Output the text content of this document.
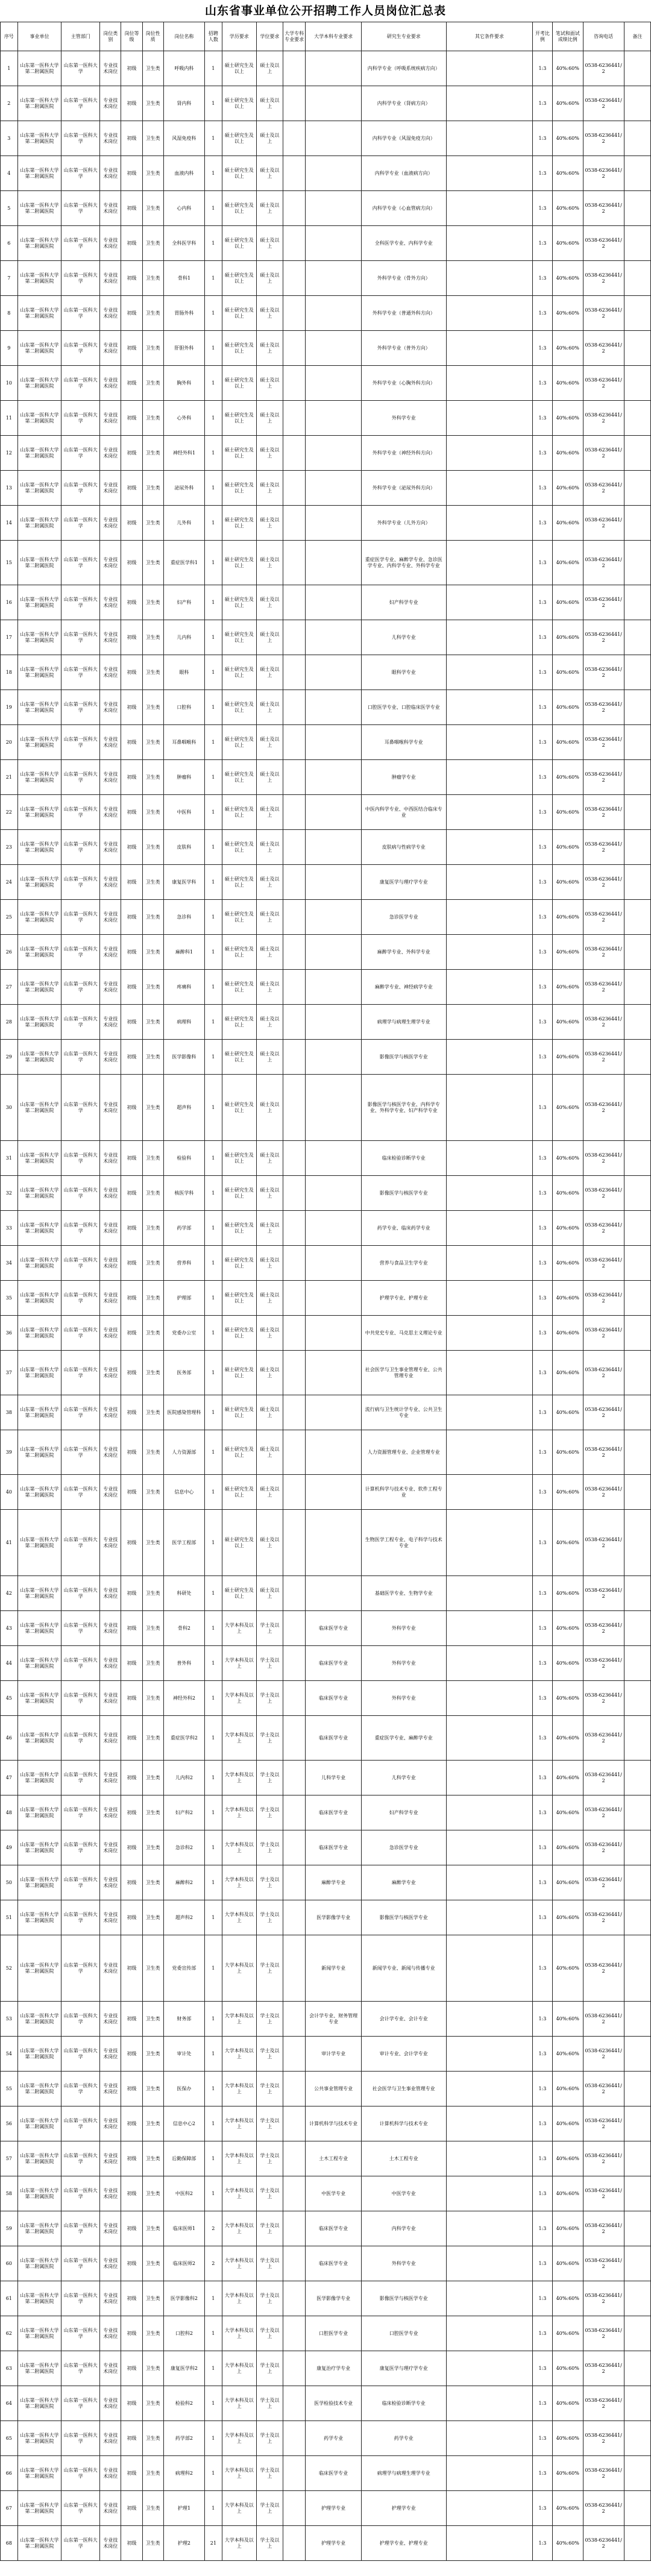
山东省事业单位公开招聘工作人员岗位汇总表
序号	事业单位	主管部门	岗位类别	岗位等级	岗位性质	岗位名称	招聘人数	学历要求	学位要求	大学专科专业要求	大学本科专业要求	研究生专业要求	其它条件要求	开考比例	笔试和面试成绩比例	咨询电话	备注
1	山东第一医科大学第二附属医院	山东第一医科大学	专业技术岗位	初级	卫生类	呼吸内科	1	硕士研究生及以上	硕士及以上			内科学专业（呼吸系统疾病方向）		1:3	40%:60%	0538-6236441/2	
2	山东第一医科大学第二附属医院	山东第一医科大学	专业技术岗位	初级	卫生类	肾内科	1	硕士研究生及以上	硕士及以上			内科学专业（肾病方向）		1:3	40%:60%	0538-6236441/2	
3	山东第一医科大学第二附属医院	山东第一医科大学	专业技术岗位	初级	卫生类	风湿免疫科	1	硕士研究生及以上	硕士及以上			内科学专业（风湿免疫方向）		1:3	40%:60%	0538-6236441/2	
4	山东第一医科大学第二附属医院	山东第一医科大学	专业技术岗位	初级	卫生类	血液内科	1	硕士研究生及以上	硕士及以上			内科学专业（血液病方向）		1:3	40%:60%	0538-6236441/2	
5	山东第一医科大学第二附属医院	山东第一医科大学	专业技术岗位	初级	卫生类	心内科	1	硕士研究生及以上	硕士及以上			内科学专业（心血管病方向）		1:3	40%:60%	0538-6236441/2	
6	山东第一医科大学第二附属医院	山东第一医科大学	专业技术岗位	初级	卫生类	全科医学科	1	硕士研究生及以上	硕士及以上			全科医学专业、内科学专业		1:3	40%:60%	0538-6236441/2	
7	山东第一医科大学第二附属医院	山东第一医科大学	专业技术岗位	初级	卫生类	骨科1	1	硕士研究生及以上	硕士及以上			外科学专业（骨外方向）		1:3	40%:60%	0538-6236441/2	
8	山东第一医科大学第二附属医院	山东第一医科大学	专业技术岗位	初级	卫生类	胃肠外科	1	硕士研究生及以上	硕士及以上			外科学专业（普通外科方向）		1:3	40%:60%	0538-6236441/2	
9	山东第一医科大学第二附属医院	山东第一医科大学	专业技术岗位	初级	卫生类	肝胆外科	1	硕士研究生及以上	硕士及以上			外科学专业（普外方向）		1:3	40%:60%	0538-6236441/2	
10	山东第一医科大学第二附属医院	山东第一医科大学	专业技术岗位	初级	卫生类	胸外科	1	硕士研究生及以上	硕士及以上			外科学专业（心胸外科方向）		1:3	40%:60%	0538-6236441/2	
11	山东第一医科大学第二附属医院	山东第一医科大学	专业技术岗位	初级	卫生类	心外科	1	硕士研究生及以上	硕士及以上			外科学专业		1:3	40%:60%	0538-6236441/2	
12	山东第一医科大学第二附属医院	山东第一医科大学	专业技术岗位	初级	卫生类	神经外科1	1	硕士研究生及以上	硕士及以上			外科学专业（神经外科方向）		1:3	40%:60%	0538-6236441/2	
13	山东第一医科大学第二附属医院	山东第一医科大学	专业技术岗位	初级	卫生类	泌尿外科	1	硕士研究生及以上	硕士及以上			外科学专业（泌尿外科方向）		1:3	40%:60%	0538-6236441/2	
14	山东第一医科大学第二附属医院	山东第一医科大学	专业技术岗位	初级	卫生类	儿外科	1	硕士研究生及以上	硕士及以上			外科学专业（儿外方向）		1:3	40%:60%	0538-6236441/2	
15	山东第一医科大学第二附属医院	山东第一医科大学	专业技术岗位	初级	卫生类	重症医学科1	1	硕士研究生及以上	硕士及以上			重症医学专业、麻醉学专业、急诊医学专业、内科学专业、外科学专业		1:3	40%:60%	0538-6236441/2	
16	山东第一医科大学第二附属医院	山东第一医科大学	专业技术岗位	初级	卫生类	妇产科	1	硕士研究生及以上	硕士及以上			妇产科学专业		1:3	40%:60%	0538-6236441/2	
17	山东第一医科大学第二附属医院	山东第一医科大学	专业技术岗位	初级	卫生类	儿内科	1	硕士研究生及以上	硕士及以上			儿科学专业		1:3	40%:60%	0538-6236441/2	
18	山东第一医科大学第二附属医院	山东第一医科大学	专业技术岗位	初级	卫生类	眼科	1	硕士研究生及以上	硕士及以上			眼科学专业		1:3	40%:60%	0538-6236441/2	
19	山东第一医科大学第二附属医院	山东第一医科大学	专业技术岗位	初级	卫生类	口腔科	1	硕士研究生及以上	硕士及以上			口腔医学专业、口腔临床医学专业		1:3	40%:60%	0538-6236441/2	
20	山东第一医科大学第二附属医院	山东第一医科大学	专业技术岗位	初级	卫生类	耳鼻咽喉科	1	硕士研究生及以上	硕士及以上			耳鼻咽喉科学专业		1:3	40%:60%	0538-6236441/2	
21	山东第一医科大学第二附属医院	山东第一医科大学	专业技术岗位	初级	卫生类	肿瘤科	1	硕士研究生及以上	硕士及以上			肿瘤学专业		1:3	40%:60%	0538-6236441/2	
22	山东第一医科大学第二附属医院	山东第一医科大学	专业技术岗位	初级	卫生类	中医科	1	硕士研究生及以上	硕士及以上			中医内科学专业、中西医结合临床专业		1:3	40%:60%	0538-6236441/2	
23	山东第一医科大学第二附属医院	山东第一医科大学	专业技术岗位	初级	卫生类	皮肤科	1	硕士研究生及以上	硕士及以上			皮肤病与性病学专业		1:3	40%:60%	0538-6236441/2	
24	山东第一医科大学第二附属医院	山东第一医科大学	专业技术岗位	初级	卫生类	康复医学科	1	硕士研究生及以上	硕士及以上			康复医学与理疗学专业		1:3	40%:60%	0538-6236441/2	
25	山东第一医科大学第二附属医院	山东第一医科大学	专业技术岗位	初级	卫生类	急诊科	1	硕士研究生及以上	硕士及以上			急诊医学专业		1:3	40%:60%	0538-6236441/2	
26	山东第一医科大学第二附属医院	山东第一医科大学	专业技术岗位	初级	卫生类	麻醉科1	1	硕士研究生及以上	硕士及以上			麻醉学专业、外科学专业		1:3	40%:60%	0538-6236441/2	
27	山东第一医科大学第二附属医院	山东第一医科大学	专业技术岗位	初级	卫生类	疼痛科	1	硕士研究生及以上	硕士及以上			麻醉学专业、神经病学专业		1:3	40%:60%	0538-6236441/2	
28	山东第一医科大学第二附属医院	山东第一医科大学	专业技术岗位	初级	卫生类	病理科	1	硕士研究生及以上	硕士及以上			病理学与病理生理学专业		1:3	40%:60%	0538-6236441/2	
29	山东第一医科大学第二附属医院	山东第一医科大学	专业技术岗位	初级	卫生类	医学影像科	1	硕士研究生及以上	硕士及以上			影像医学与核医学专业		1:3	40%:60%	0538-6236441/2	
30	山东第一医科大学第二附属医院	山东第一医科大学	专业技术岗位	初级	卫生类	超声科	1	硕士研究生及以上	硕士及以上			影像医学与核医学专业、内科学专业、外科学专业、妇产科学专业		1:3	40%:60%	0538-6236441/2	
31	山东第一医科大学第二附属医院	山东第一医科大学	专业技术岗位	初级	卫生类	检验科	1	硕士研究生及以上	硕士及以上			临床检验诊断学专业		1:3	40%:60%	0538-6236441/2	
32	山东第一医科大学第二附属医院	山东第一医科大学	专业技术岗位	初级	卫生类	核医学科	1	硕士研究生及以上	硕士及以上			影像医学与核医学专业		1:3	40%:60%	0538-6236441/2	
33	山东第一医科大学第二附属医院	山东第一医科大学	专业技术岗位	初级	卫生类	药学部	1	硕士研究生及以上	硕士及以上			药学专业、临床药学专业		1:3	40%:60%	0538-6236441/2	
34	山东第一医科大学第二附属医院	山东第一医科大学	专业技术岗位	初级	卫生类	营养科	1	硕士研究生及以上	硕士及以上			营养与食品卫生学专业		1:3	40%:60%	0538-6236441/2	
35	山东第一医科大学第二附属医院	山东第一医科大学	专业技术岗位	初级	卫生类	护理部	1	硕士研究生及以上	硕士及以上			护理学专业、护理专业		1:3	40%:60%	0538-6236441/2	
36	山东第一医科大学第二附属医院	山东第一医科大学	专业技术岗位	初级	卫生类	党委办公室	1	硕士研究生及以上	硕士及以上			中共党史专业、马克思主义理论专业		1:3	40%:60%	0538-6236441/2	
37	山东第一医科大学第二附属医院	山东第一医科大学	专业技术岗位	初级	卫生类	医务部	1	硕士研究生及以上	硕士及以上			社会医学与卫生事业管理专业、公共管理专业		1:3	40%:60%	0538-6236441/2	
38	山东第一医科大学第二附属医院	山东第一医科大学	专业技术岗位	初级	卫生类	医院感染管理科	1	硕士研究生及以上	硕士及以上			流行病与卫生统计学专业、公共卫生专业		1:3	40%:60%	0538-6236441/2	
39	山东第一医科大学第二附属医院	山东第一医科大学	专业技术岗位	初级	卫生类	人力资源部	1	硕士研究生及以上	硕士及以上			人力资源管理专业、企业管理专业		1:3	40%:60%	0538-6236441/2	
40	山东第一医科大学第二附属医院	山东第一医科大学	专业技术岗位	初级	卫生类	信息中心	1	硕士研究生及以上	硕士及以上			计算机科学与技术专业、软件工程专业		1:3	40%:60%	0538-6236441/2	
41	山东第一医科大学第二附属医院	山东第一医科大学	专业技术岗位	初级	卫生类	医学工程部	1	硕士研究生及以上	硕士及以上			生物医学工程专业、电子科学与技术专业		1:3	40%:60%	0538-6236441/2	
42	山东第一医科大学第二附属医院	山东第一医科大学	专业技术岗位	初级	卫生类	科研处	1	硕士研究生及以上	硕士及以上			基础医学专业、生物学专业		1:3	40%:60%	0538-6236441/2	
43	山东第一医科大学第二附属医院	山东第一医科大学	专业技术岗位	初级	卫生类	骨科2	1	大学本科及以上	学士及以上		临床医学专业	外科学专业		1:3	40%:60%	0538-6236441/2	
44	山东第一医科大学第二附属医院	山东第一医科大学	专业技术岗位	初级	卫生类	普外科	1	大学本科及以上	学士及以上		临床医学专业	外科学专业		1:3	40%:60%	0538-6236441/2	
45	山东第一医科大学第二附属医院	山东第一医科大学	专业技术岗位	初级	卫生类	神经外科2	1	大学本科及以上	学士及以上		临床医学专业	外科学专业		1:3	40%:60%	0538-6236441/2	
46	山东第一医科大学第二附属医院	山东第一医科大学	专业技术岗位	初级	卫生类	重症医学科2	1	大学本科及以上	学士及以上		临床医学专业	重症医学专业、麻醉学专业		1:3	40%:60%	0538-6236441/2	
47	山东第一医科大学第二附属医院	山东第一医科大学	专业技术岗位	初级	卫生类	儿内科2	1	大学本科及以上	学士及以上		儿科学专业	儿科学专业		1:3	40%:60%	0538-6236441/2	
48	山东第一医科大学第二附属医院	山东第一医科大学	专业技术岗位	初级	卫生类	妇产科2	1	大学本科及以上	学士及以上		临床医学专业	妇产科学专业		1:3	40%:60%	0538-6236441/2	
49	山东第一医科大学第二附属医院	山东第一医科大学	专业技术岗位	初级	卫生类	急诊科2	1	大学本科及以上	学士及以上		临床医学专业	急诊医学专业		1:3	40%:60%	0538-6236441/2	
50	山东第一医科大学第二附属医院	山东第一医科大学	专业技术岗位	初级	卫生类	麻醉科2	1	大学本科及以上	学士及以上		麻醉学专业	麻醉学专业		1:3	40%:60%	0538-6236441/2	
51	山东第一医科大学第二附属医院	山东第一医科大学	专业技术岗位	初级	卫生类	超声科2	1	大学本科及以上	学士及以上		医学影像学专业	影像医学与核医学专业		1:3	40%:60%	0538-6236441/2	
52	山东第一医科大学第二附属医院	山东第一医科大学	专业技术岗位	初级	卫生类	党委宣传部	1	大学本科及以上	学士及以上		新闻学专业	新闻学专业、新闻与传播专业		1:3	40%:60%	0538-6236441/2	
53	山东第一医科大学第二附属医院	山东第一医科大学	专业技术岗位	初级	卫生类	财务部	1	大学本科及以上	学士及以上		会计学专业、财务管理专业	会计学专业、会计专业		1:3	40%:60%	0538-6236441/2	
54	山东第一医科大学第二附属医院	山东第一医科大学	专业技术岗位	初级	卫生类	审计处	1	大学本科及以上	学士及以上		审计学专业	审计专业、会计学专业		1:3	40%:60%	0538-6236441/2	
55	山东第一医科大学第二附属医院	山东第一医科大学	专业技术岗位	初级	卫生类	医保办	1	大学本科及以上	学士及以上		公共事业管理专业	社会医学与卫生事业管理专业		1:3	40%:60%	0538-6236441/2	
56	山东第一医科大学第二附属医院	山东第一医科大学	专业技术岗位	初级	卫生类	信息中心2	1	大学本科及以上	学士及以上		计算机科学与技术专业	计算机科学与技术专业		1:3	40%:60%	0538-6236441/2	
57	山东第一医科大学第二附属医院	山东第一医科大学	专业技术岗位	初级	卫生类	后勤保障部	1	大学本科及以上	学士及以上		土木工程专业	土木工程专业		1:3	40%:60%	0538-6236441/2	
58	山东第一医科大学第二附属医院	山东第一医科大学	专业技术岗位	初级	卫生类	中医科2	1	大学本科及以上	学士及以上		中医学专业	中医学专业		1:3	40%:60%	0538-6236441/2	
59	山东第一医科大学第二附属医院	山东第一医科大学	专业技术岗位	初级	卫生类	临床医师1	2	大学本科及以上	学士及以上		临床医学专业	内科学专业		1:3	40%:60%	0538-6236441/2	
60	山东第一医科大学第二附属医院	山东第一医科大学	专业技术岗位	初级	卫生类	临床医师2	2	大学本科及以上	学士及以上		临床医学专业	外科学专业		1:3	40%:60%	0538-6236441/2	
61	山东第一医科大学第二附属医院	山东第一医科大学	专业技术岗位	初级	卫生类	医学影像科2	1	大学本科及以上	学士及以上		医学影像学专业	影像医学与核医学专业		1:3	40%:60%	0538-6236441/2	
62	山东第一医科大学第二附属医院	山东第一医科大学	专业技术岗位	初级	卫生类	口腔科2	1	大学本科及以上	学士及以上		口腔医学专业	口腔医学专业		1:3	40%:60%	0538-6236441/2	
63	山东第一医科大学第二附属医院	山东第一医科大学	专业技术岗位	初级	卫生类	康复医学科2	1	大学本科及以上	学士及以上		康复治疗学专业	康复医学与理疗学专业		1:3	40%:60%	0538-6236441/2	
64	山东第一医科大学第二附属医院	山东第一医科大学	专业技术岗位	初级	卫生类	检验科2	1	大学本科及以上	学士及以上		医学检验技术专业	临床检验诊断学专业		1:3	40%:60%	0538-6236441/2	
65	山东第一医科大学第二附属医院	山东第一医科大学	专业技术岗位	初级	卫生类	药学部2	1	大学本科及以上	学士及以上		药学专业	药学专业		1:3	40%:60%	0538-6236441/2	
66	山东第一医科大学第二附属医院	山东第一医科大学	专业技术岗位	初级	卫生类	病理科2	1	大学本科及以上	学士及以上		临床医学专业	病理学与病理生理学专业		1:3	40%:60%	0538-6236441/2	
67	山东第一医科大学第二附属医院	山东第一医科大学	专业技术岗位	初级	卫生类	护理1	1	大学本科及以上	学士及以上		护理学专业	护理学专业		1:3	40%:60%	0538-6236441/2	
68	山东第一医科大学第二附属医院	山东第一医科大学	专业技术岗位	初级	卫生类	护理2	21	大学本科及以上	学士及以上		护理学专业	护理学专业、护理专业		1:3	40%:60%	0538-6236441/2	
